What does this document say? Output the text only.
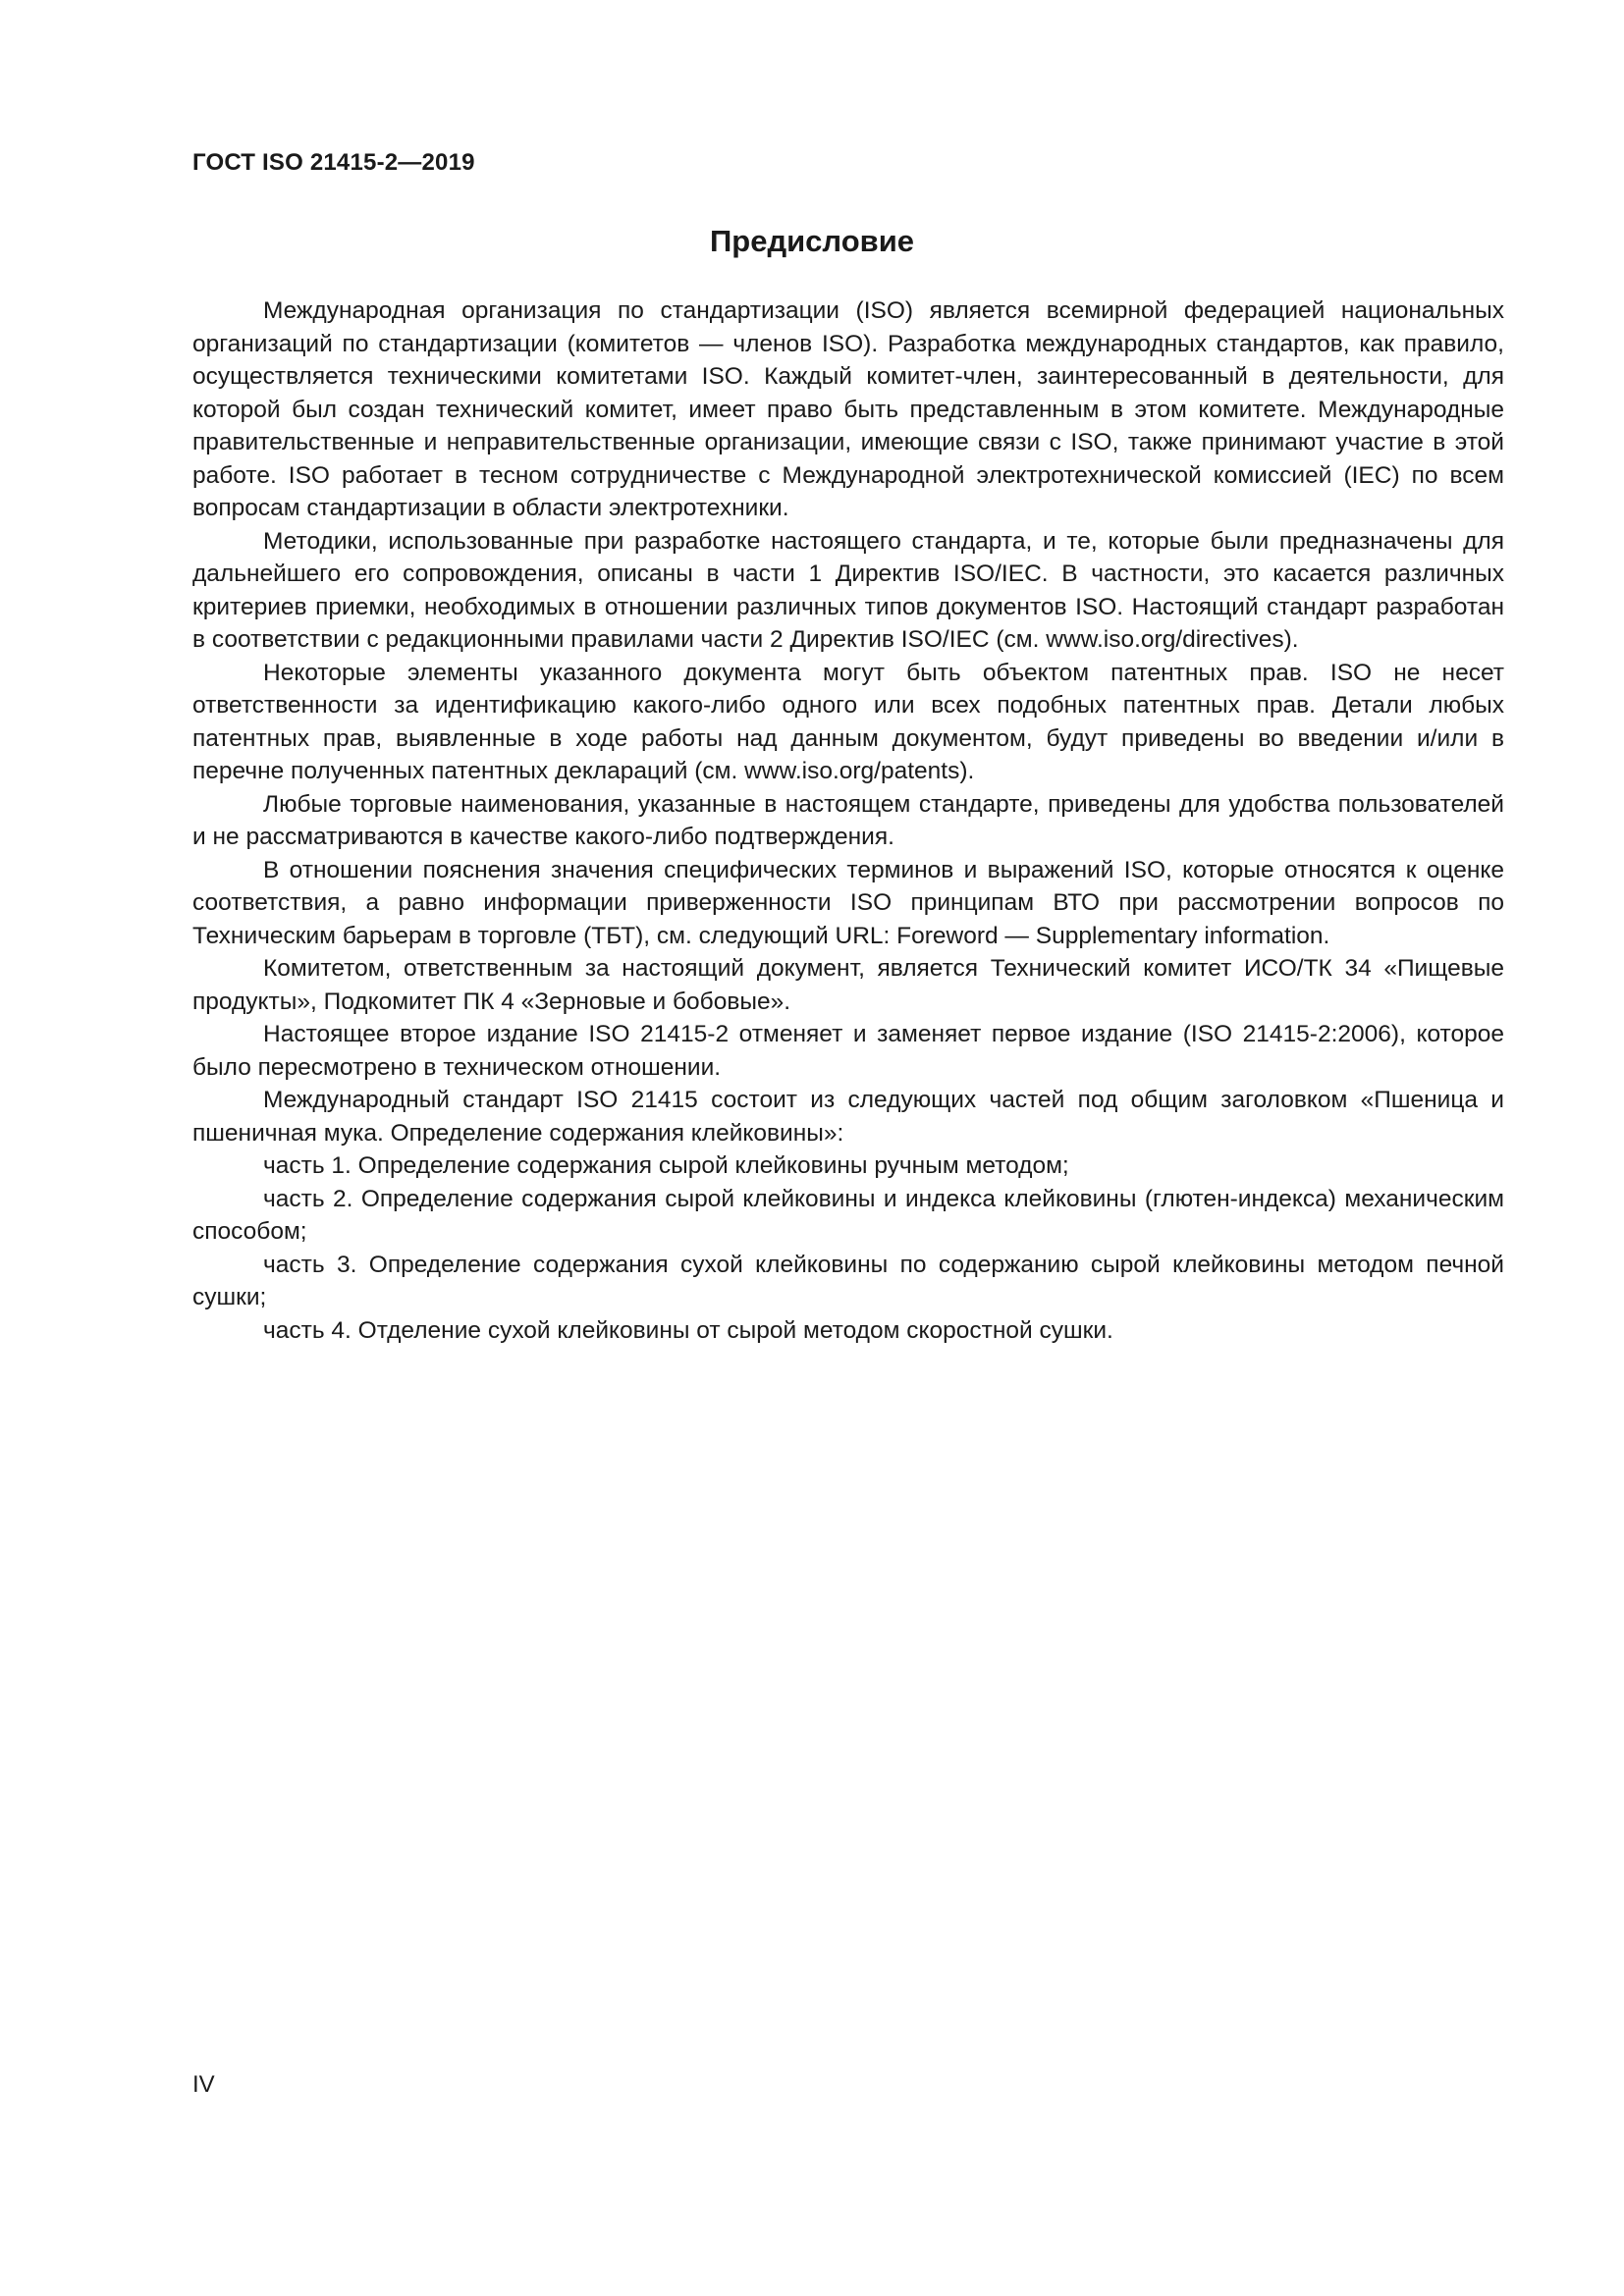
ГОСТ ISO 21415-2—2019
Предисловие

Международная организация по стандартизации (ISO) является всемирной федерацией национальных организаций по стандартизации (комитетов — членов ISO). Разработка международных стандартов, как правило, осуществляется техническими комитетами ISO. Каждый комитет-член, заинтересованный в деятельности, для которой был создан технический комитет, имеет право быть представленным в этом комитете. Международные правительственные и неправительственные организации, имеющие связи с ISO, также принимают участие в этой работе. ISO работает в тесном сотрудничестве с Международной электротехнической комиссией (IEC) по всем вопросам стандартизации в области электротехники.

Методики, использованные при разработке настоящего стандарта, и те, которые были предназначены для дальнейшего его сопровождения, описаны в части 1 Директив ISO/IEC. В частности, это касается различных критериев приемки, необходимых в отношении различных типов документов ISO. Настоящий стандарт разработан в соответствии с редакционными правилами части 2 Директив ISO/IEC (см. www.iso.org/directives).

Некоторые элементы указанного документа могут быть объектом патентных прав. ISO не несет ответственности за идентификацию какого-либо одного или всех подобных патентных прав. Детали любых патентных прав, выявленные в ходе работы над данным документом, будут приведены во введении и/или в перечне полученных патентных деклараций (см. www.iso.org/patents).

Любые торговые наименования, указанные в настоящем стандарте, приведены для удобства пользователей и не рассматриваются в качестве какого-либо подтверждения.

В отношении пояснения значения специфических терминов и выражений ISO, которые относятся к оценке соответствия, а равно информации приверженности ISO принципам ВТО при рассмотрении вопросов по Техническим барьерам в торговле (ТБТ), см. следующий URL: Foreword — Supplementary information.

Комитетом, ответственным за настоящий документ, является Технический комитет ИСО/ТК 34 «Пищевые продукты», Подкомитет ПК 4 «Зерновые и бобовые».

Настоящее второе издание ISO 21415-2 отменяет и заменяет первое издание (ISO 21415-2:2006), которое было пересмотрено в техническом отношении.

Международный стандарт ISO 21415 состоит из следующих частей под общим заголовком «Пшеница и пшеничная мука. Определение содержания клейковины»:

часть 1. Определение содержания сырой клейковины ручным методом;

часть 2. Определение содержания сырой клейковины и индекса клейковины (глютен-индекса) механическим способом;

часть 3. Определение содержания сухой клейковины по содержанию сырой клейковины методом печной сушки;

часть 4. Отделение сухой клейковины от сырой методом скоростной сушки.

IV
